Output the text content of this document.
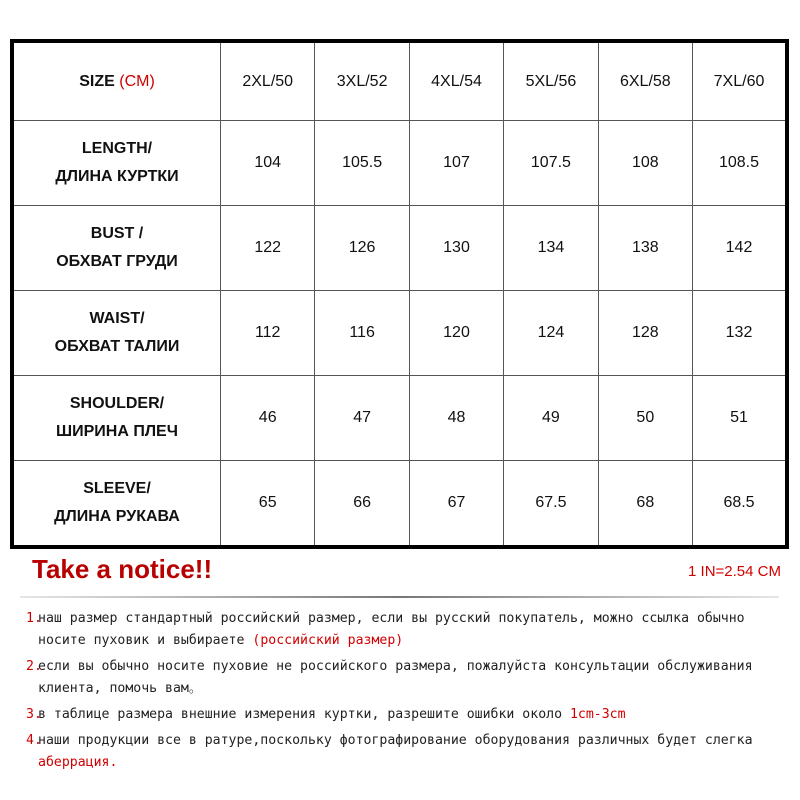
SIZE (CM)	2XL/50	3XL/52	4XL/54	5XL/56	6XL/58	7XL/60

LENGTH/
ДЛИНА КУРТКИ	104	105.5	107	107.5	108	108.5

BUST /
ОБХВАТ ГРУДИ	122	126	130	134	138	142

WAIST/
ОБХВАТ ТАЛИИ	112	116	120	124	128	132

SHOULDER/
ШИРИНА ПЛЕЧ	46	47	48	49	50	51

SLEEVE/
ДЛИНА РУКАВА	65	66	67	67.5	68	68.5
Take a notice!!	1 IN=2.54 CM
1.
наш размер стандартный российский размер, если вы русский покупатель, можно ссылка обычно носите пуховик и выбираете (российский размер)
2.
если вы обычно носите пуховие не российского размера, пожалуйста консультации обслуживания клиента, помочь вам。
3.
в таблице размера внешние измерения куртки, разрешите ошибки около 1cm-3cm
4.
наши продукции все в ратуре,поскольку фотографирование оборудования различных будет слегка аберрация.
